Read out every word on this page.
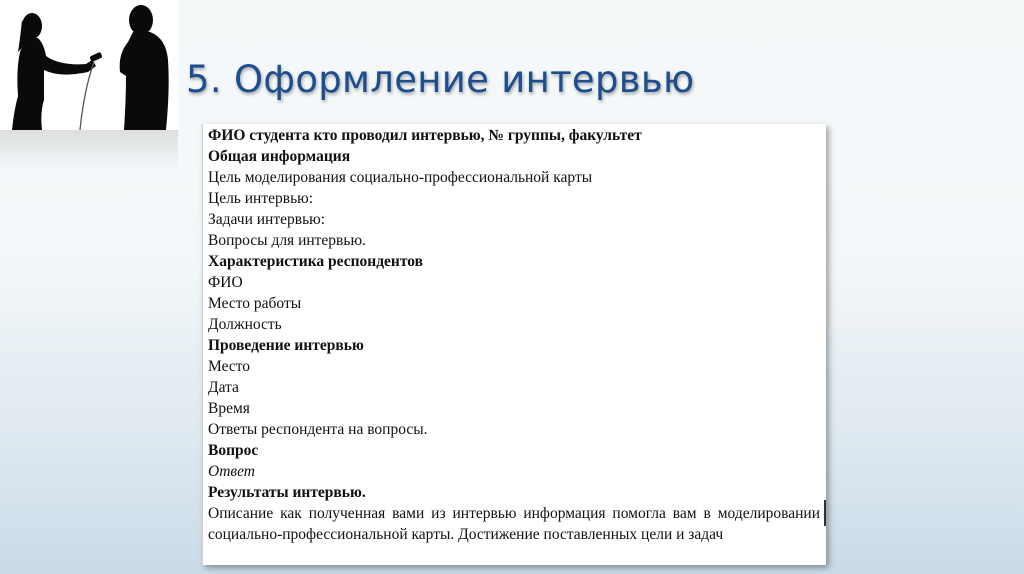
5. Оформление интервью
ФИО студента кто проводил интервью, № группы, факультет
Общая информация
Цель моделирования социально-профессиональной карты
Цель интервью:
Задачи интервью:
Вопросы для интервью.
Характеристика респондентов
ФИО
Место работы
Должность
Проведение интервью
Место
Дата
Время
Ответы респондента на вопросы.
Вопрос
Ответ
Результаты интервью.
Описание как полученная вами из интервью информация помогла вам в моделировании социально-профессиональной карты. Достижение поставленных цели и задач
